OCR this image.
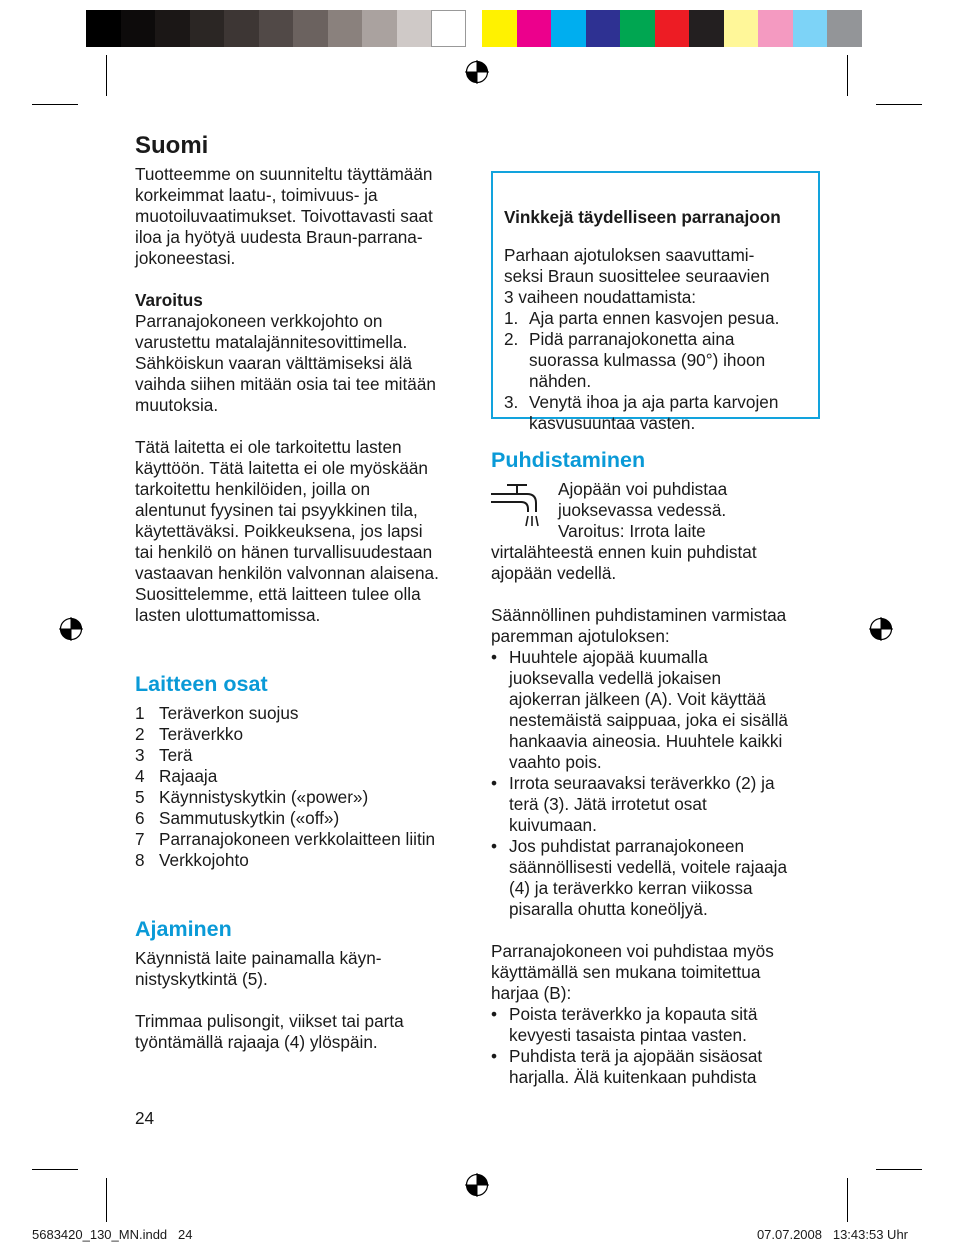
Suomi
Tuotteemme on suunniteltu täyttämään
korkeimmat laatu-, toimivuus- ja
muotoiluvaatimukset. Toivottavasti saat
iloa ja hyötyä uudesta Braun-parrana-
jokoneestasi.

Varoitus

Parranajokoneen verkkojohto on
varustettu matalajännitesovittimella.
Sähköiskun vaaran välttämiseksi älä
vaihda siihen mitään osia tai tee mitään
muutoksia.
Tätä laitetta ei ole tarkoitettu lasten
käyttöön. Tätä laitetta ei ole myöskään
tarkoitettu henkilöiden, joilla on
alentunut fyysinen tai psyykkinen tila,
käytettäväksi. Poikkeuksena, jos lapsi
tai henkilö on hänen turvallisuudestaan
vastaavan henkilön valvonnan alaisena.
Suosittelemme, että laitteen tulee olla
lasten ulottumattomissa.
Laitteen osat
1 Teräverkon suojus
2 Teräverkko
3 Terä
4 Rajaaja
5 Käynnistyskytkin («power»)
6 Sammutuskytkin («off»)
7 Parranajokoneen verkkolaitteen liitin
8 Verkkojohto
Ajaminen
Käynnistä laite painamalla käyn-
nistyskytkintä (5).
Trimmaa pulisongit, viikset tai parta
työntämällä rajaaja (4) ylöspäin.
24

Vinkkejä täydelliseen parranajoon

Parhaan ajotuloksen saavuttami-
seksi Braun suosittelee seuraavien
3 vaiheen noudattamista:
1. Aja parta ennen kasvojen pesua.
2. Pidä parranajokonetta aina
suorassa kulmassa (90°) ihoon
nähden.
3. Venytä ihoa ja aja parta karvojen
kasvusuuntaa vasten.
Puhdistaminen
Ajopään voi puhdistaa
juoksevassa vedessä.
Varoitus: Irrota laite
virtalähteestä ennen kuin puhdistat
ajopään vedellä.
Säännöllinen puhdistaminen varmistaa
paremman ajotuloksen:
• Huuhtele ajopää kuumalla
juoksevalla vedellä jokaisen
ajokerran jälkeen (A). Voit käyttää
nestemäistä saippuaa, joka ei sisällä
hankaavia aineosia. Huuhtele kaikki
vaahto pois.
• Irrota seuraavaksi teräverkko (2) ja
terä (3). Jätä irrotetut osat
kuivumaan.
• Jos puhdistat parranajokoneen
säännöllisesti vedellä, voitele rajaaja
(4) ja teräverkko kerran viikossa
pisaralla ohutta koneöljyä.
Parranajokoneen voi puhdistaa myös
käyttämällä sen mukana toimitettua
harjaa (B):
• Poista teräverkko ja kopauta sitä
kevyesti tasaista pintaa vasten.
• Puhdista terä ja ajopään sisäosat
harjalla. Älä kuitenkaan puhdista
5683420_130_MN.indd   24	07.07.2008   13:43:53 Uhr
